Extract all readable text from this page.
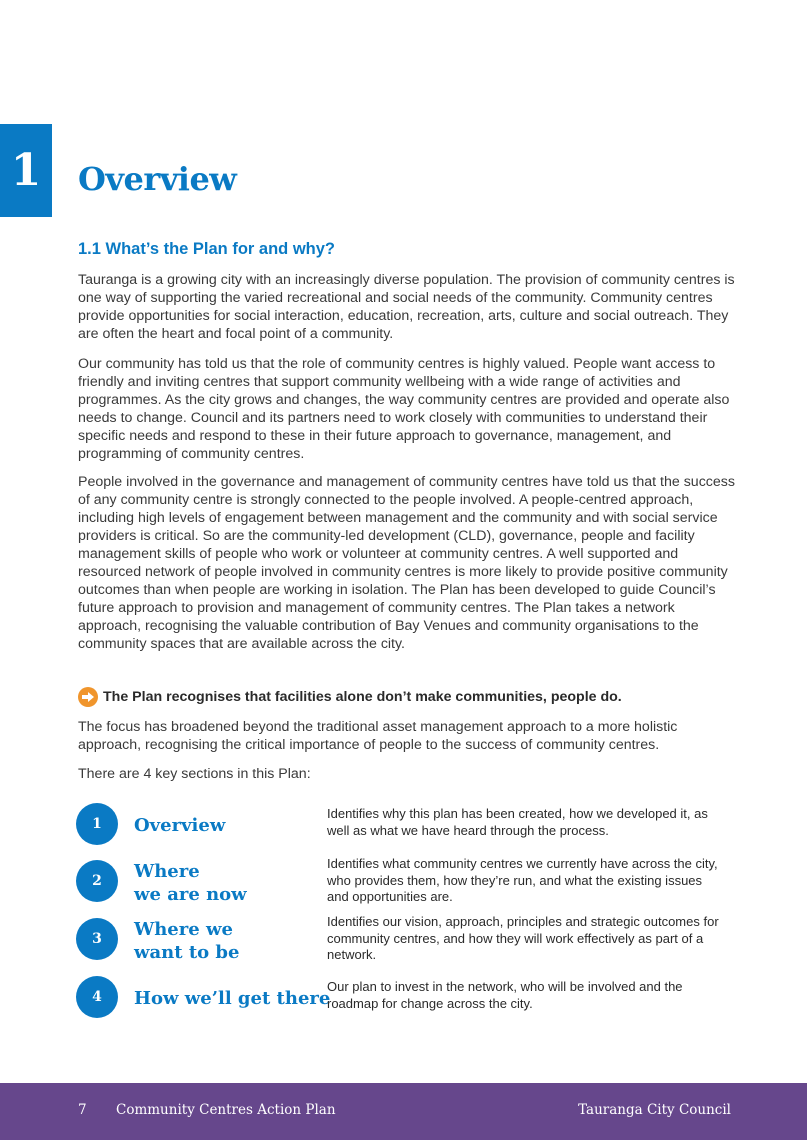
1	Overview
1.1 What’s the Plan for and why?

Tauranga is a growing city with an increasingly diverse population. The provision of community centres is one way of supporting the varied recreational and social needs of the community. Community centres provide opportunities for social interaction, education, recreation, arts, culture and social outreach. They are often the heart and focal point of a community.

Our community has told us that the role of community centres is highly valued. People want access to friendly and inviting centres that support community wellbeing with a wide range of activities and programmes. As the city grows and changes, the way community centres are provided and operate also needs to change. Council and its partners need to work closely with communities to understand their specific needs and respond to these in their future approach to governance, management, and programming of community centres.

People involved in the governance and management of community centres have told us that the success of any community centre is strongly connected to the people involved. A people-centred approach, including high levels of engagement between management and the community and with social service providers is critical. So are the community-led development (CLD), governance, people and facility management skills of people who work or volunteer at community centres. A well supported and resourced network of people involved in community centres is more likely to provide positive community outcomes than when people are working in isolation. The Plan has been developed to guide Council’s future approach to provision and management of community centres. The Plan takes a network approach, recognising the valuable contribution of Bay Venues and community organisations to the community spaces that are available across the city.

The Plan recognises that facilities alone don’t make communities, people do.

The focus has broadened beyond the traditional asset management approach to a more holistic approach, recognising the critical importance of people to the success of community centres.

There are 4 key sections in this Plan:

1	Overview
Identifies why this plan has been created, how we developed it, as well as what we have heard through the process.
2	Where
we are now
Identifies what community centres we currently have across the city, who provides them, how they’re run, and what the existing issues and opportunities are.
3	Where we
want to be
Identifies our vision, approach, principles and strategic outcomes for community centres, and how they will work effectively as part of a network.
4	How we’ll get there
Our plan to invest in the network, who will be involved and the roadmap for change across the city.
7 Community Centres Action Plan	Tauranga City Council
